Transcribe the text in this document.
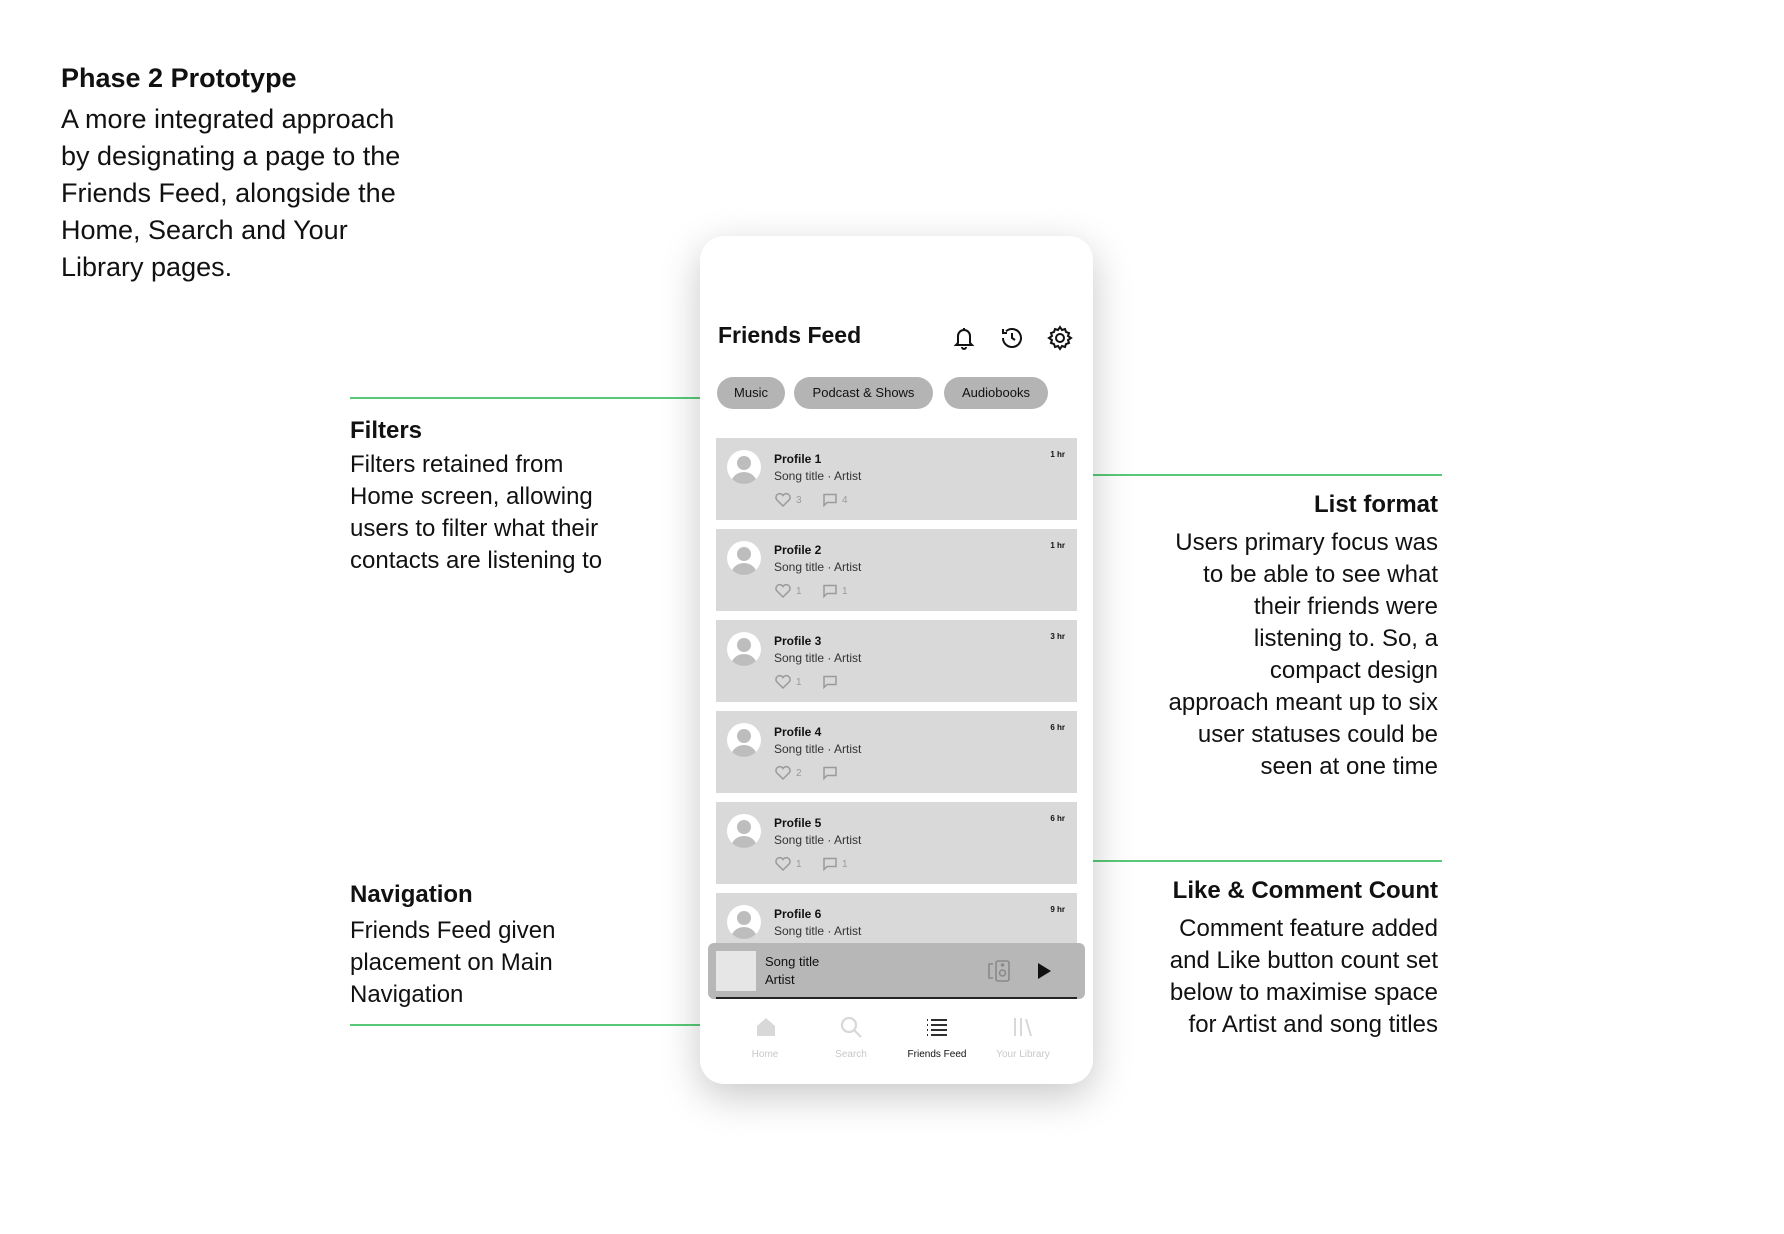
Phase 2 Prototype
A more integrated approach
by designating a page to the
Friends Feed, alongside the
Home, Search and Your
Library pages.
Filters
Filters retained from
Home screen, allowing
users to filter what their
contacts are listening to
List format
Users primary focus was
to be able to see what
their friends were
listening to. So, a
compact design
approach meant up to six
user statuses could be
seen at one time
Like & Comment Count
Comment feature added
and Like button count set
below to maximise space
for Artist and song titles
Navigation
Friends Feed given
placement on Main
Navigation
Friends Feed
Music	Podcast & Shows	Audiobooks
Profile 1
Song title · Artist
1 hr
3	4
Profile 2
Song title · Artist
1 hr
1	1
Profile 3
Song title · Artist
3 hr
1
Profile 4
Song title · Artist
6 hr
2
Profile 5
Song title · Artist
6 hr
1	1
Profile 6
Song title · Artist
9 hr
Song title
Artist
Home	Search	Friends Feed	Your Library
